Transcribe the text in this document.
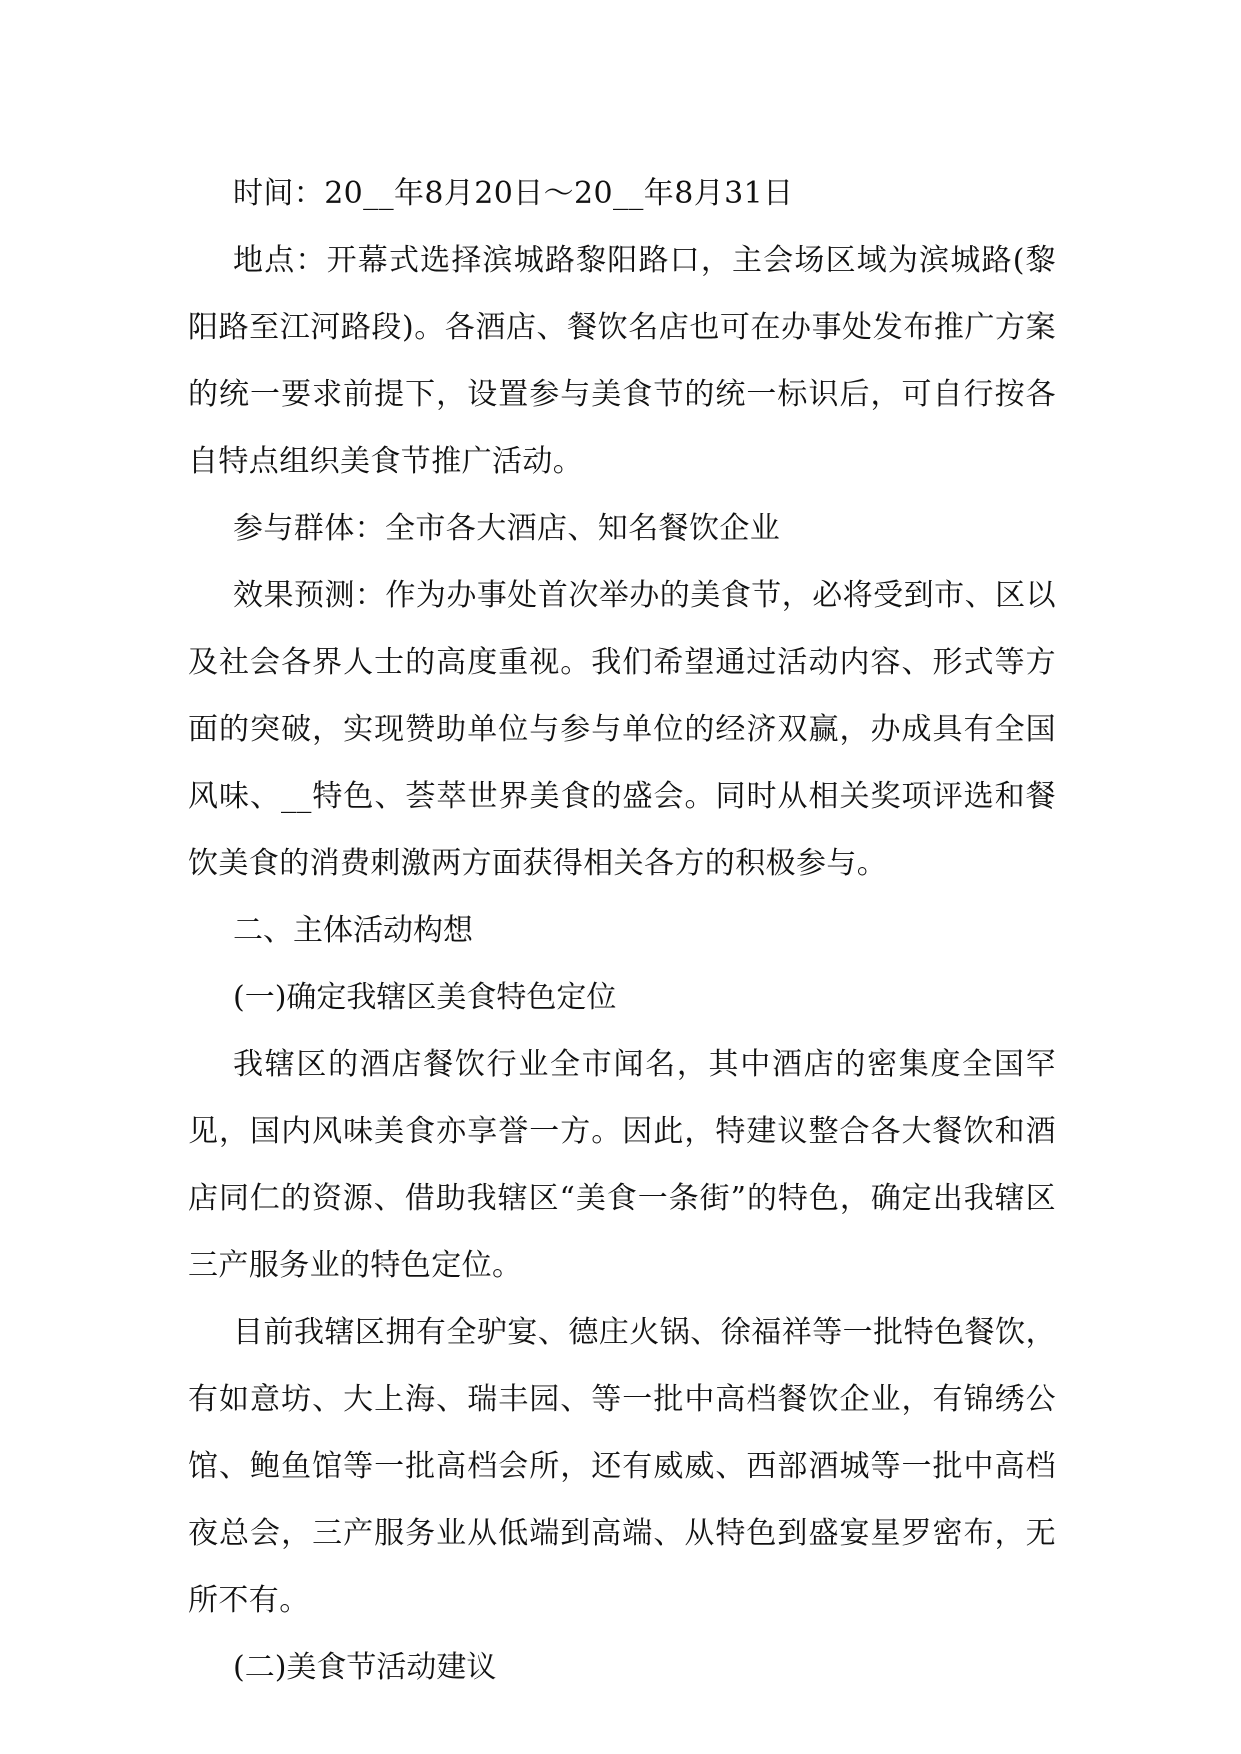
时间：20__年8月20日～20__年8月31日

地点：开幕式选择滨城路黎阳路口，主会场区域为滨城路(黎阳路至江河路段)。各酒店、餐饮名店也可在办事处发布推广方案的统一要求前提下，设置参与美食节的统一标识后，可自行按各自特点组织美食节推广活动。

参与群体：全市各大酒店、知名餐饮企业

效果预测：作为办事处首次举办的美食节，必将受到市、区以及社会各界人士的高度重视。我们希望通过活动内容、形式等方面的突破，实现赞助单位与参与单位的经济双赢，办成具有全国风味、__特色、荟萃世界美食的盛会。同时从相关奖项评选和餐饮美食的消费刺激两方面获得相关各方的积极参与。

二、主体活动构想

(一)确定我辖区美食特色定位

我辖区的酒店餐饮行业全市闻名，其中酒店的密集度全国罕见，国内风味美食亦享誉一方。因此，特建议整合各大餐饮和酒店同仁的资源、借助我辖区“美食一条街”的特色，确定出我辖区三产服务业的特色定位。

目前我辖区拥有全驴宴、德庄火锅、徐福祥等一批特色餐饮，有如意坊、大上海、瑞丰园、等一批中高档餐饮企业，有锦绣公馆、鲍鱼馆等一批高档会所，还有威威、西部酒城等一批中高档夜总会，三产服务业从低端到高端、从特色到盛宴星罗密布，无所不有。

(二)美食节活动建议
